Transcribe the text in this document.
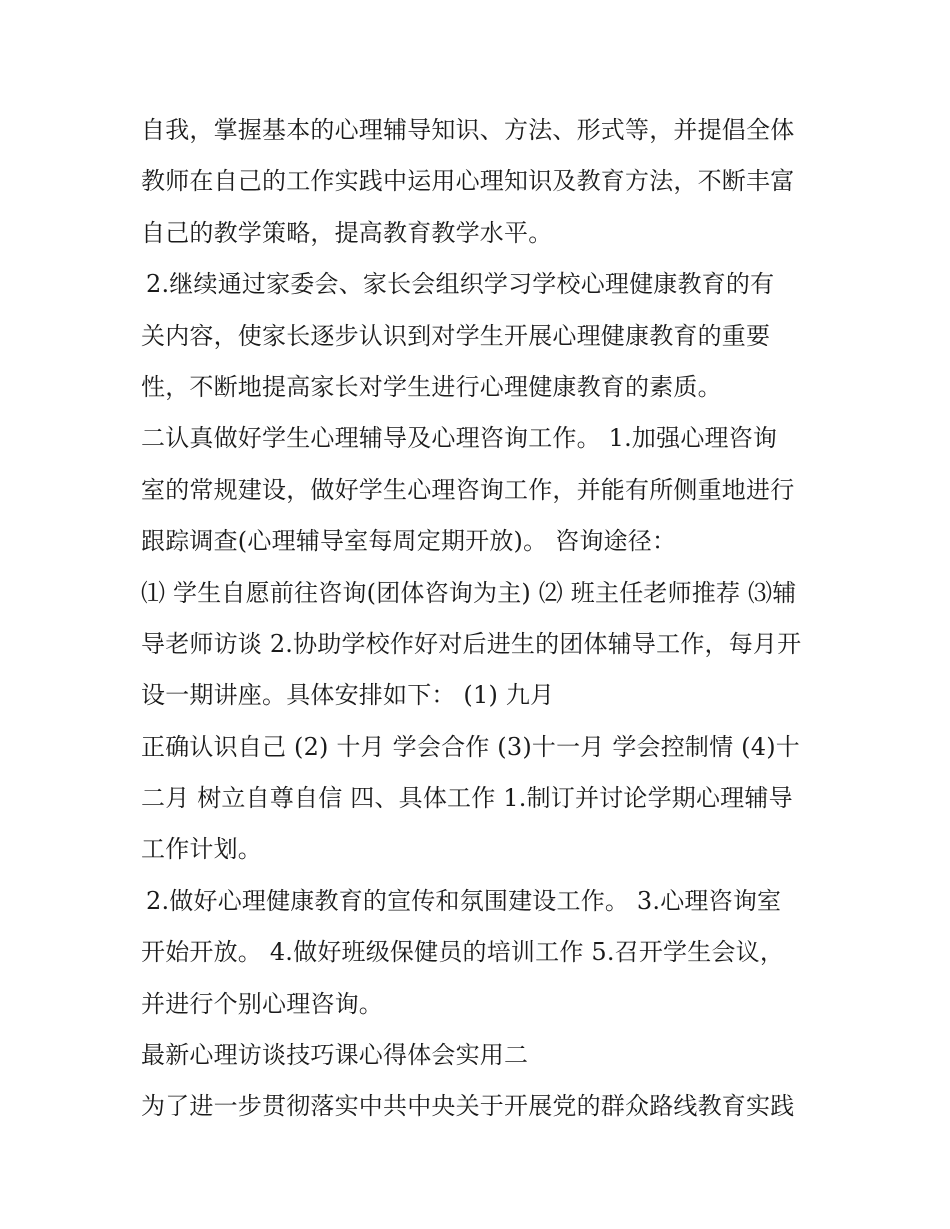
自我，掌握基本的心理辅导知识、方法、形式等，并提倡全体
教师在自己的工作实践中运用心理知识及教育方法，不断丰富
自己的教学策略，提高教育教学水平。
2.继续通过家委会、家长会组织学习学校心理健康教育的有
关内容，使家长逐步认识到对学生开展心理健康教育的重要
性，不断地提高家长对学生进行心理健康教育的素质。
二认真做好学生心理辅导及心理咨询工作。 1.加强心理咨询
室的常规建设，做好学生心理咨询工作，并能有所侧重地进行
跟踪调查(心理辅导室每周定期开放)。 咨询途径：
⑴ 学生自愿前往咨询(团体咨询为主) ⑵ 班主任老师推荐 ⑶辅
导老师访谈 2.协助学校作好对后进生的团体辅导工作，每月开
设一期讲座。具体安排如下： (1) 九月
正确认识自己 (2) 十月 学会合作 (3)十一月 学会控制情 (4)十
二月 树立自尊自信 四、具体工作 1.制订并讨论学期心理辅导
工作计划。
2.做好心理健康教育的宣传和氛围建设工作。 3.心理咨询室
开始开放。 4.做好班级保健员的培训工作 5.召开学生会议，
并进行个别心理咨询。
最新心理访谈技巧课心得体会实用二
为了进一步贯彻落实中共中央关于开展党的群众路线教育实践
